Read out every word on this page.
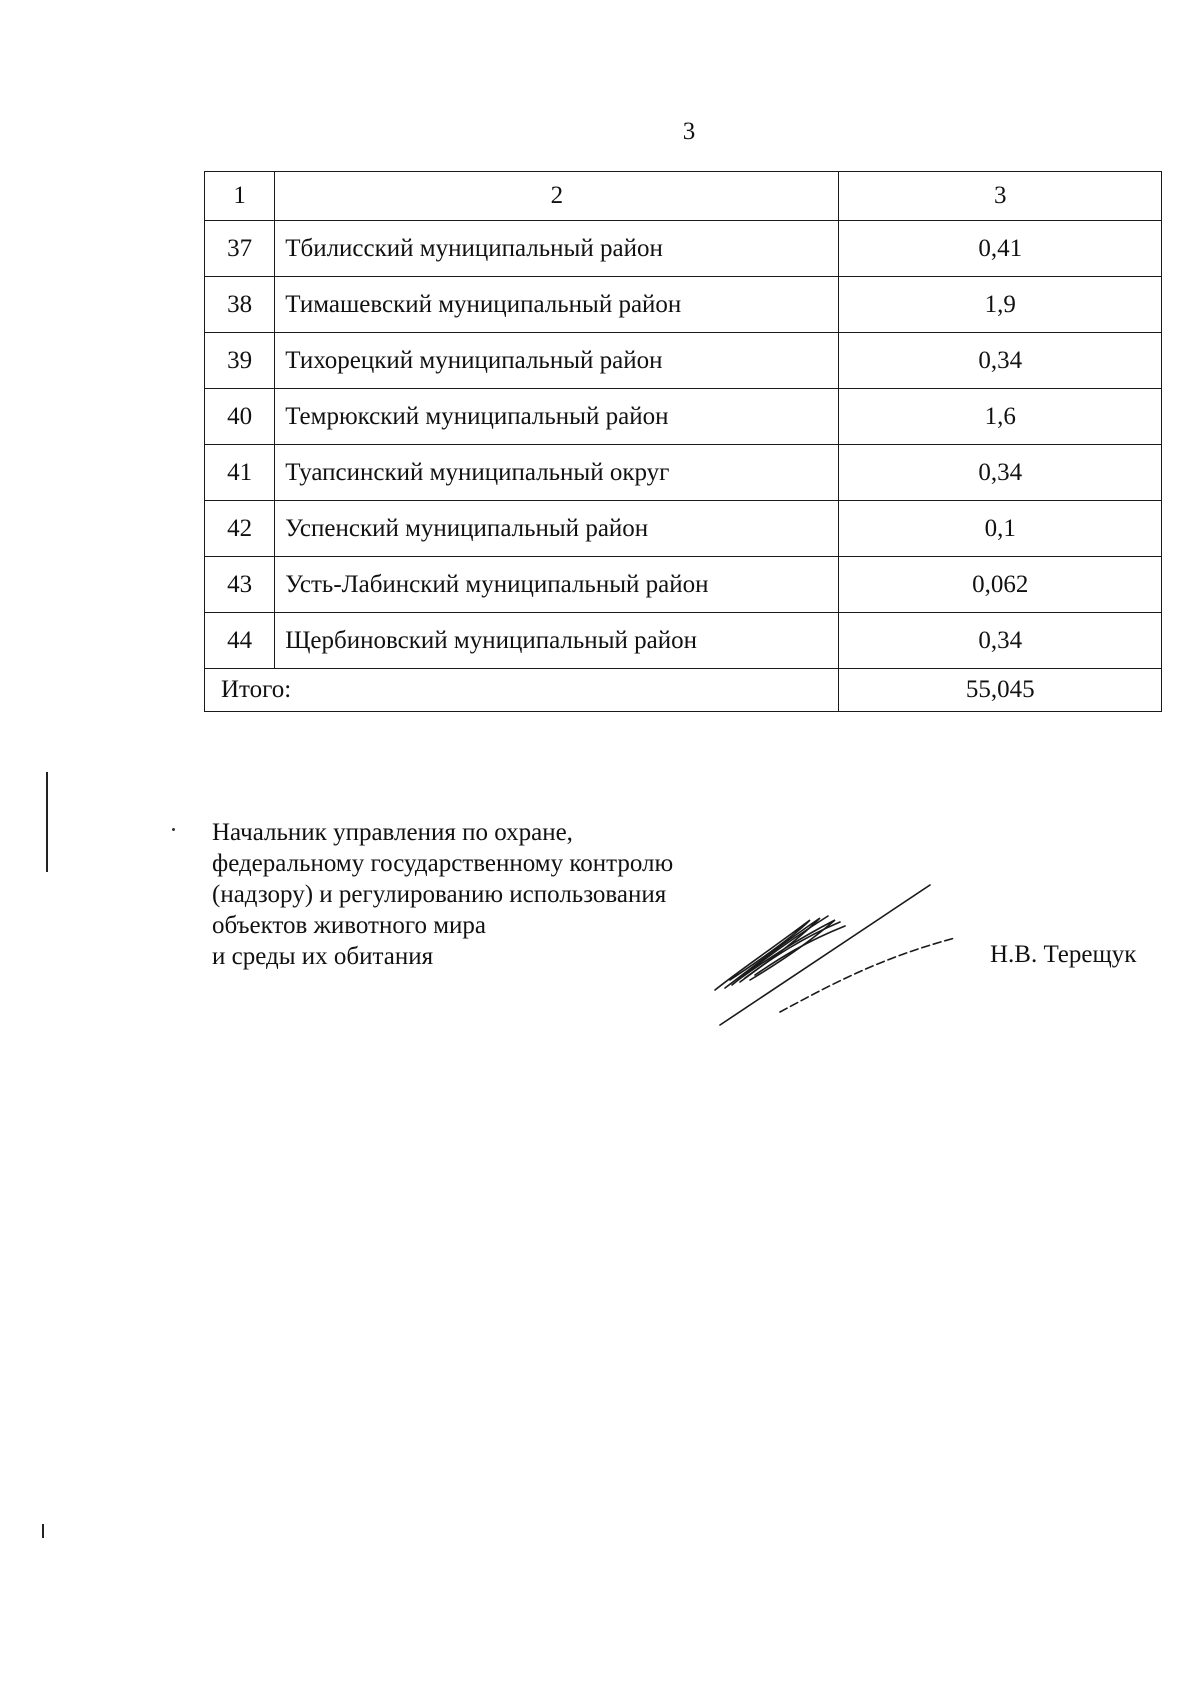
3
1	2	3
37	Тбилисский муниципальный район	0,41
38	Тимашевский муниципальный район	1,9
39	Тихорецкий муниципальный район	0,34
40	Темрюкский муниципальный район	1,6
41	Туапсинский муниципальный округ	0,34
42	Успенский муниципальный район	0,1
43	Усть-Лабинский муниципальный район	0,062
44	Щербиновский муниципальный район	0,34
Итого:		55,045
Начальник управления по охране,
федеральному государственному контролю
(надзору) и регулированию использования
объектов животного мира
и среды их обитания	Н.В. Терещук
